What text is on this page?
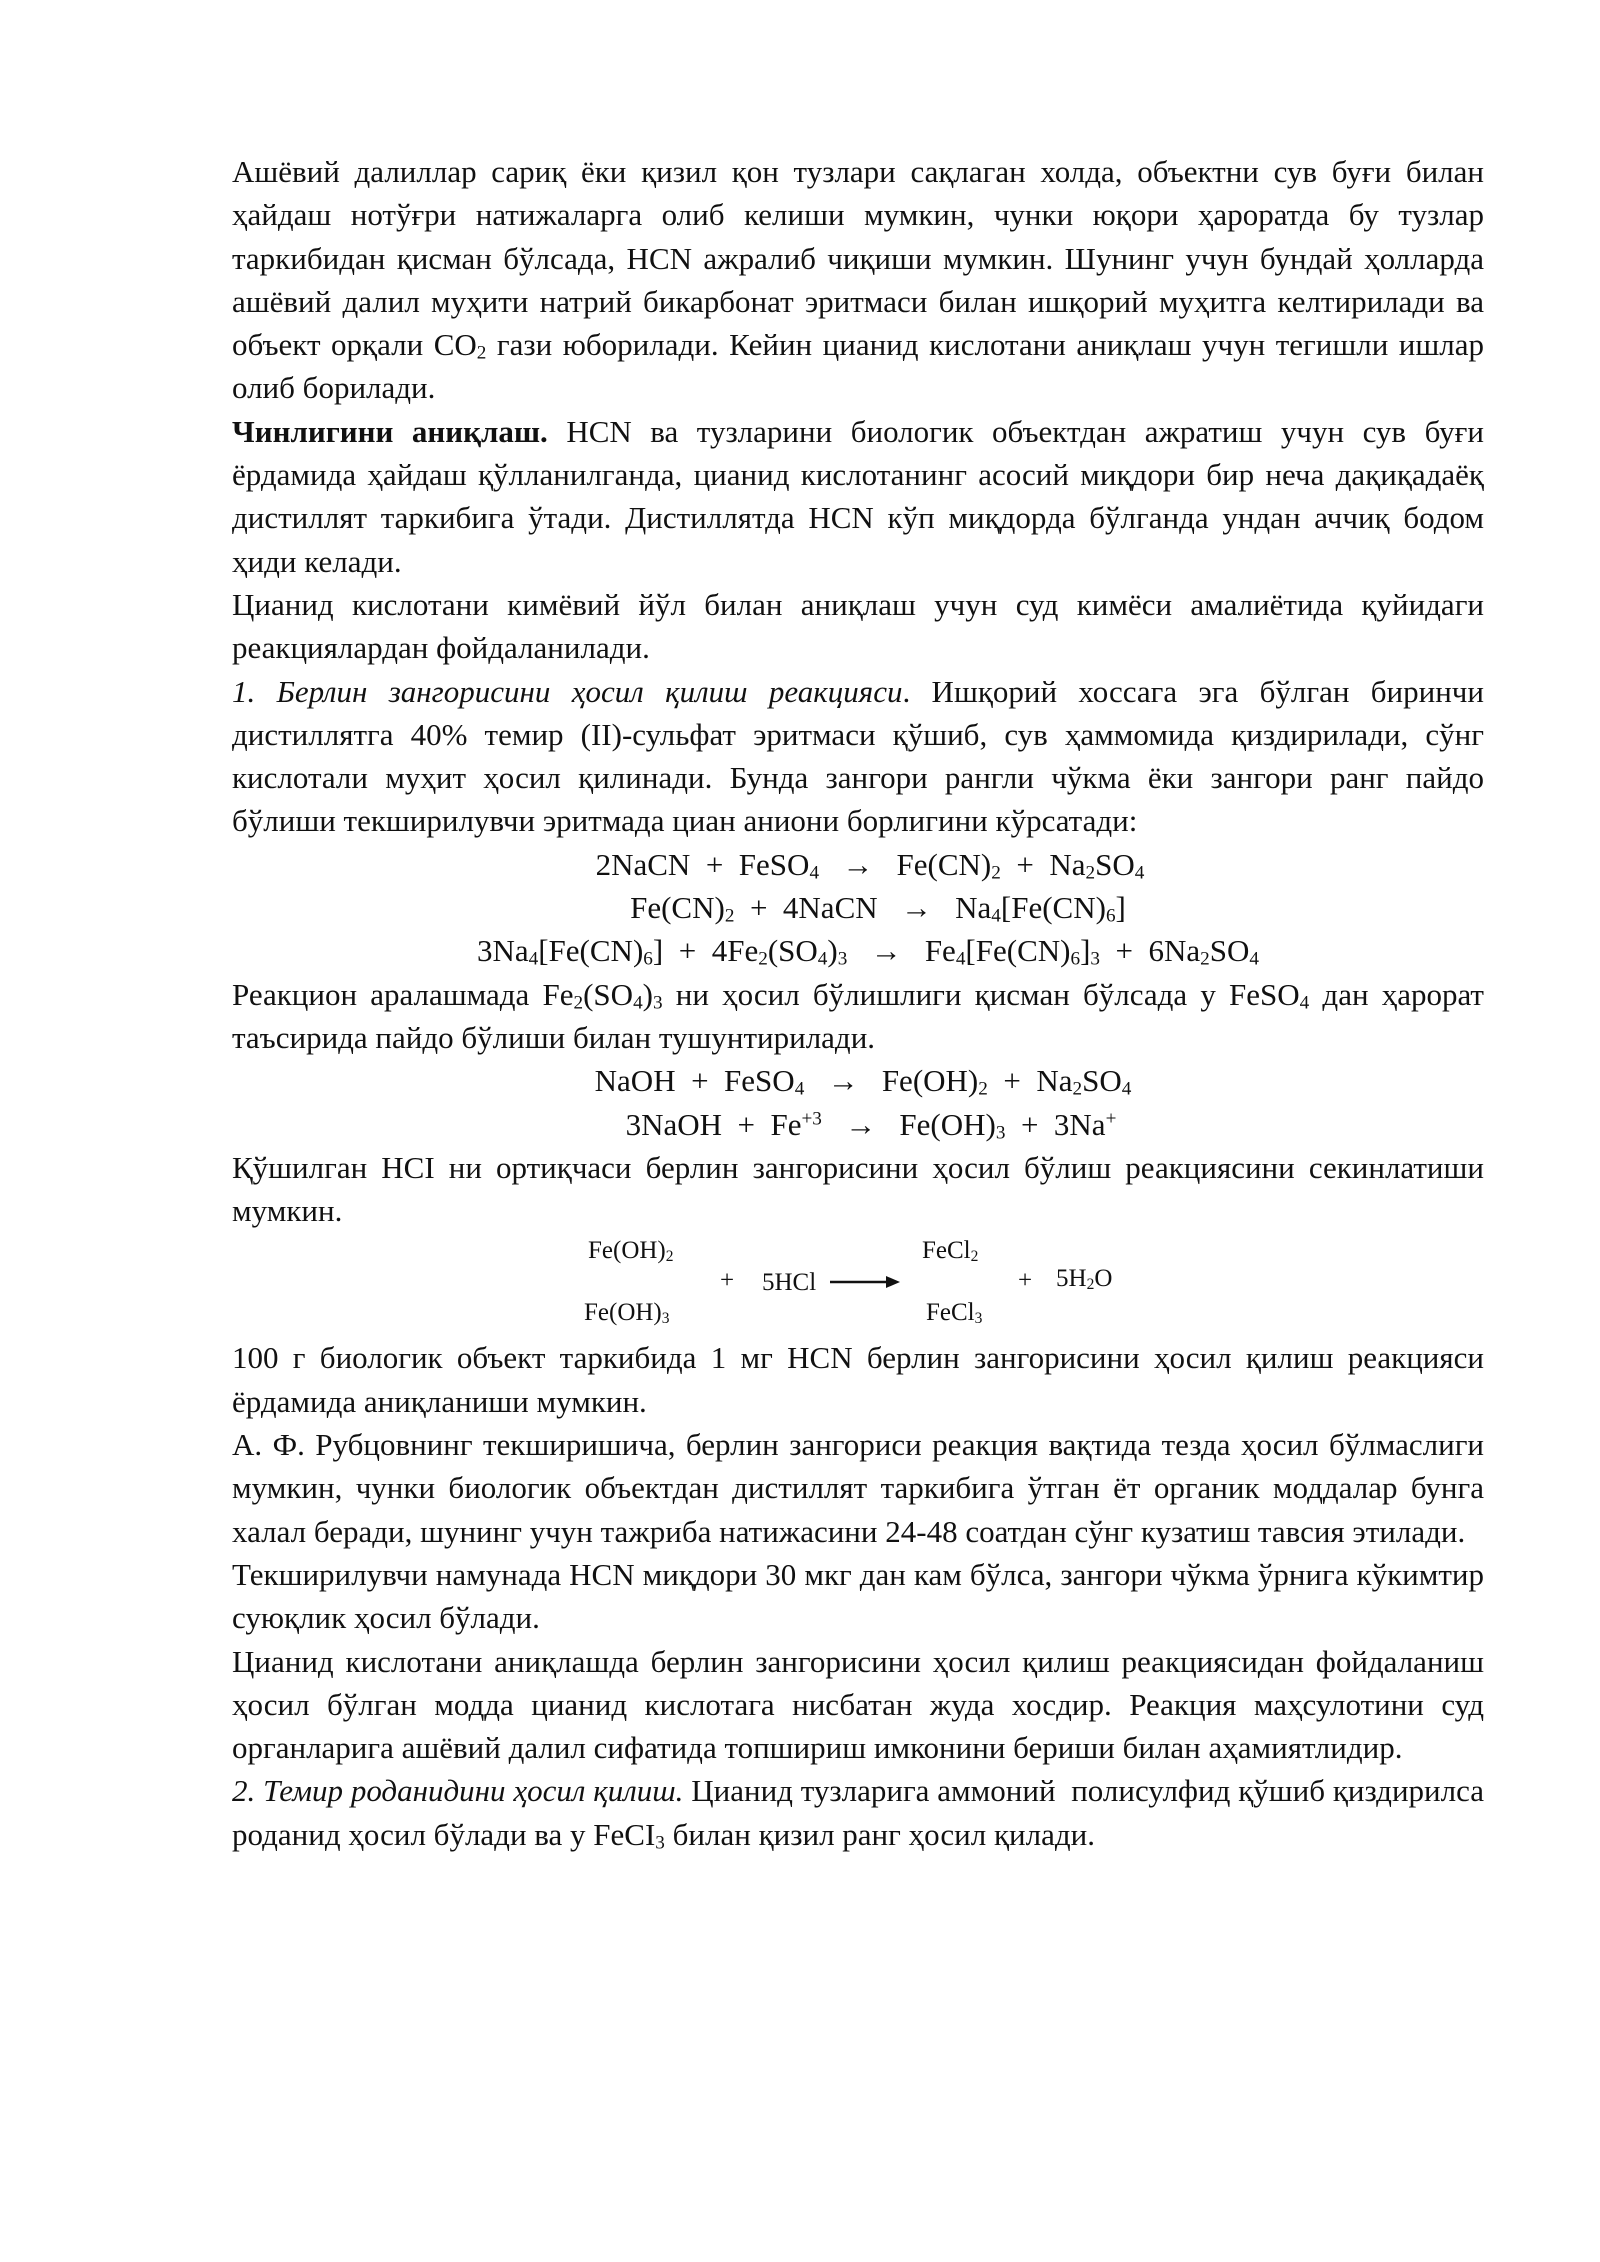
Ашёвий далиллар сариқ ёки қизил қон тузлари сақлаган холда, объектни сув буғи билан ҳайдаш нотўғри натижаларга олиб келиши мумкин, чунки юқори ҳароратда бу тузлар таркибидан қисман бўлсада, HCN ажралиб чиқиши мумкин. Шунинг учун бундай ҳолларда ашёвий далил муҳити натрий бикарбонат эритмаси билан ишқорий муҳитга келтирилади ва объект орқали $CO_2$ гази юборилади. Кейин цианид кислотани аниқлаш учун тегишли ишлар олиб борилади.

Чинлигини аниқлаш. HCN ва тузларини биологик объектдан ажратиш учун сув буғи ёрдамида ҳайдаш қўлланилганда, цианид кислотанинг асосий миқдори бир неча дақиқадаёқ дистиллят таркибига ўтади. Дистиллятда HCN кўп миқдорда бўлганда ундан аччиқ бодом ҳиди келади.

Цианид кислотани кимёвий йўл билан аниқлаш учун суд кимёси амалиётида қуйидаги реакциялардан фойдаланилади.

1. Берлин зангорисини ҳосил қилиш реакцияси. Ишқорий хоссага эга бўлган биринчи дистиллятга 40% темир (II)-сульфат эритмаси қўшиб, сув ҳаммомида қиздирилади, сўнг кислотали муҳит ҳосил қилинади. Бунда зангори рангли чўкма ёки зангори ранг пайдо бўлиши текширилувчи эритмада циан аниони борлигини кўрсатади:

2NaCN  +  FeSO$_4$   →   $Fe(CN)_2 + Na_2SO_4$

$Fe(CN)_2$  +  4NaCN   →   $Na_4[Fe(CN)_6]$

$3Na_4[Fe(CN)_6] + 4Fe_2(SO_4)_3 \to Fe_4[Fe(CN)_6]_3 + 6Na_2SO_4$

Реакцион аралашмада $Fe_2(SO_4)_3$ ни ҳосил бўлишлиги қисман бўлсада у FeSO$_4$ дан ҳарорат таъсирида пайдо бўлиши билан тушунтирилади.

NaOH  +  FeSO$_4$   →   $Fe(OH)_2 + Na_2SO_4$

3NaOH  +  $Fe^{+3} \to Fe(OH)_3 + 3Na^+$

Қўшилган HCI ни ортиқчаси берлин зангорисини ҳосил бўлиш реакциясини секинлатиши мумкин.

$Fe(OH)_2$
$Fe(OH)_3$
+ 5HCl →
FeCl$_2$
FeCl$_3$
+ $5H_2O$

100 г биологик объект таркибида 1 мг HCN берлин зангорисини ҳосил қилиш реакцияси ёрдамида аниқланиши мумкин.

А. Ф. Рубцовнинг текширишича, берлин зангориси реакция вақтида тезда ҳосил бўлмаслиги мумкин, чунки биологик объектдан дистиллят таркибига ўтган ёт органик моддалар бунга халал беради, шунинг учун тажриба натижасини 24-48 соатдан сўнг кузатиш тавсия этилади.

Текширилувчи намунада HCN миқдори 30 мкг дан кам бўлса, зангори чўкма ўрнига кўкимтир суюқлик ҳосил бўлади.

Цианид кислотани аниқлашда берлин зангорисини ҳосил қилиш реакциясидан фойдаланиш ҳосил бўлган модда цианид кислотага нисбатан жуда хосдир. Реакция маҳсулотини суд органларига ашёвий далил сифатида топшириш имконини бериши билан аҳамиятлидир.

2. Темир роданидини ҳосил қилиш. Цианид тузларига аммоний  полисулфид қўшиб қиздирилса роданид ҳосил бўлади ва у FeCI$_3$ билан қизил ранг ҳосил қилади.
